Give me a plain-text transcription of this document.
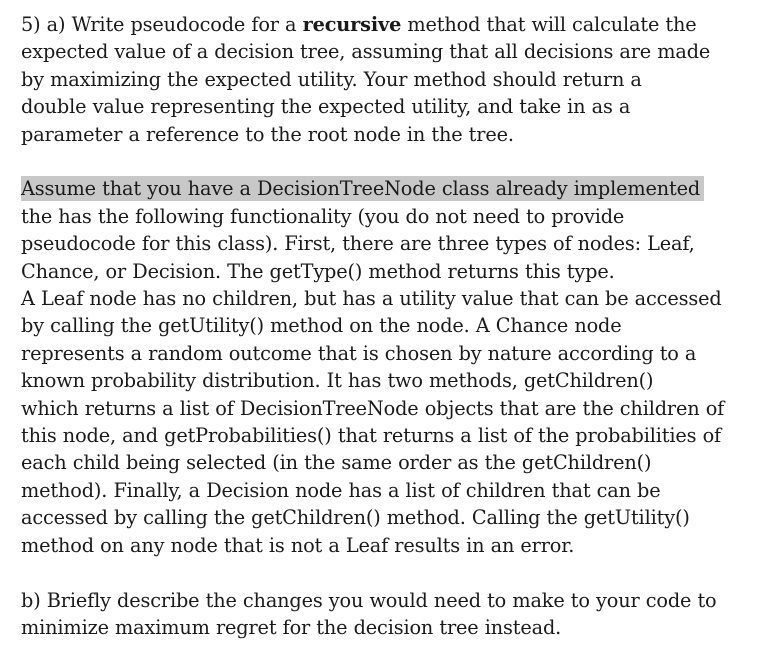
5) a) Write pseudocode for a recursive method that will calculate the
expected value of a decision tree, assuming that all decisions are made
by maximizing the expected utility. Your method should return a
double value representing the expected utility, and take in as a
parameter a reference to the root node in the tree.
Assume that you have a DecisionTreeNode class already implemented
the has the following functionality (you do not need to provide
pseudocode for this class). First, there are three types of nodes: Leaf,
Chance, or Decision. The getType() method returns this type.
A Leaf node has no children, but has a utility value that can be accessed
by calling the getUtility() method on the node. A Chance node
represents a random outcome that is chosen by nature according to a
known probability distribution. It has two methods, getChildren()
which returns a list of DecisionTreeNode objects that are the children of
this node, and getProbabilities() that returns a list of the probabilities of
each child being selected (in the same order as the getChildren()
method). Finally, a Decision node has a list of children that can be
accessed by calling the getChildren() method. Calling the getUtility()
method on any node that is not a Leaf results in an error.
b) Briefly describe the changes you would need to make to your code to
minimize maximum regret for the decision tree instead.
